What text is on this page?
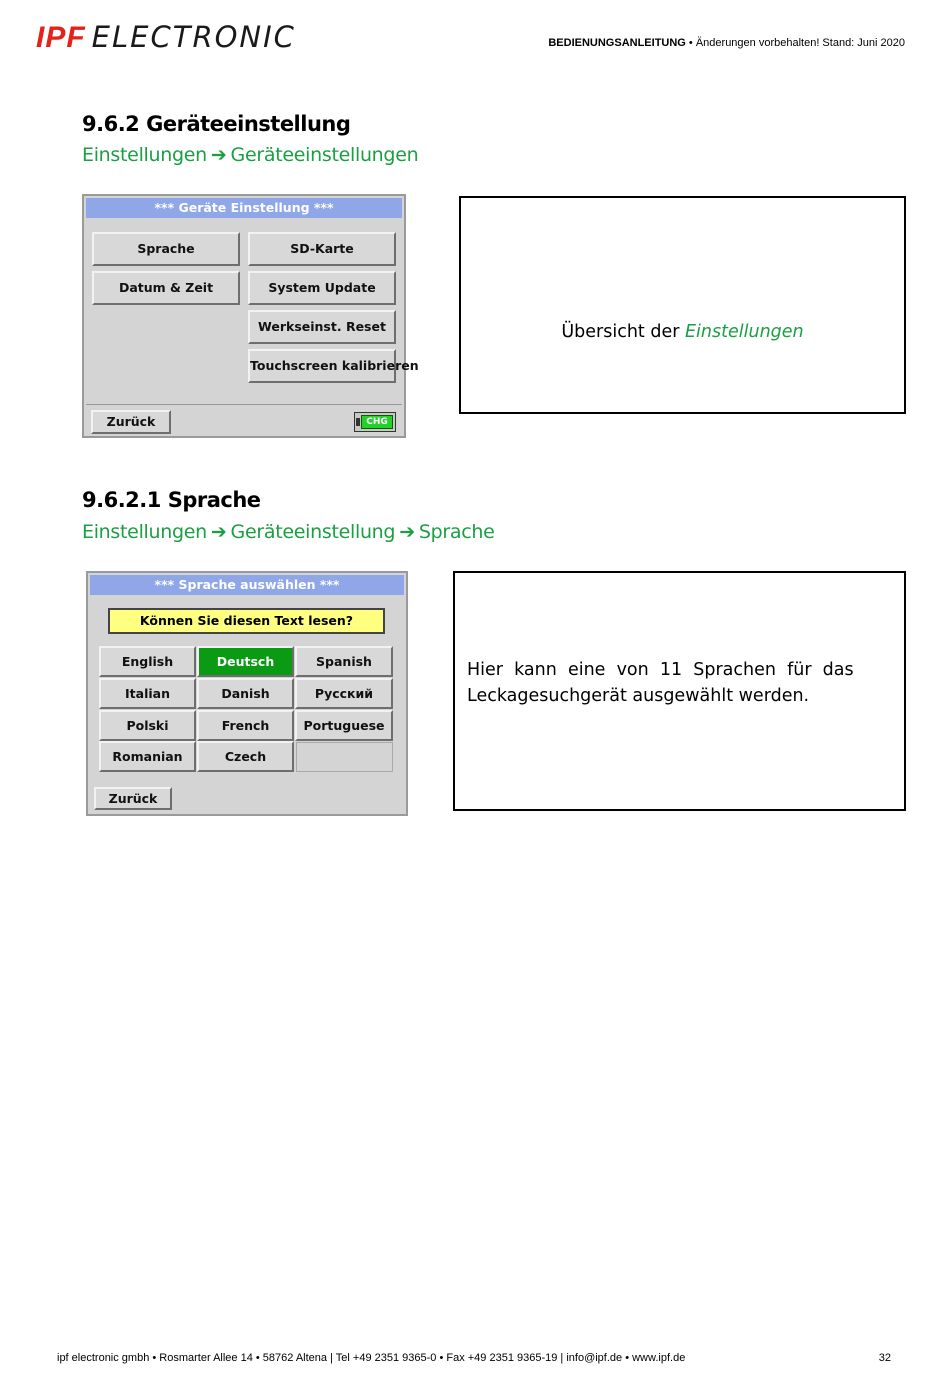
IPF ELECTRONIC	BEDIENUNGSANLEITUNG • Änderungen vorbehalten! Stand: Juni 2020
9.6.2 Geräteeinstellung
Einstellungen ➔ Geräteeinstellungen
*** Geräte Einstellung ***
Sprache	SD-Karte
Datum & Zeit	System Update
Werkseinst. Reset
Touchscreen kalibrieren
Zurück	CHG
Übersicht der Einstellungen
9.6.2.1 Sprache
Einstellungen ➔ Geräteeinstellung ➔ Sprache
*** Sprache auswählen ***
Können Sie diesen Text lesen?
English	Deutsch	Spanish
Italian	Danish	Русский
Polski	French	Portuguese
Romanian	Czech
Zurück
Hier  kann  eine  von  11  Sprachen  für  das
Leckagesuchgerät ausgewählt werden.
ipf electronic gmbh • Rosmarter Allee 14 • 58762 Altena | Tel +49 2351 9365-0 • Fax +49 2351 9365-19 | info@ipf.de • www.ipf.de	32
